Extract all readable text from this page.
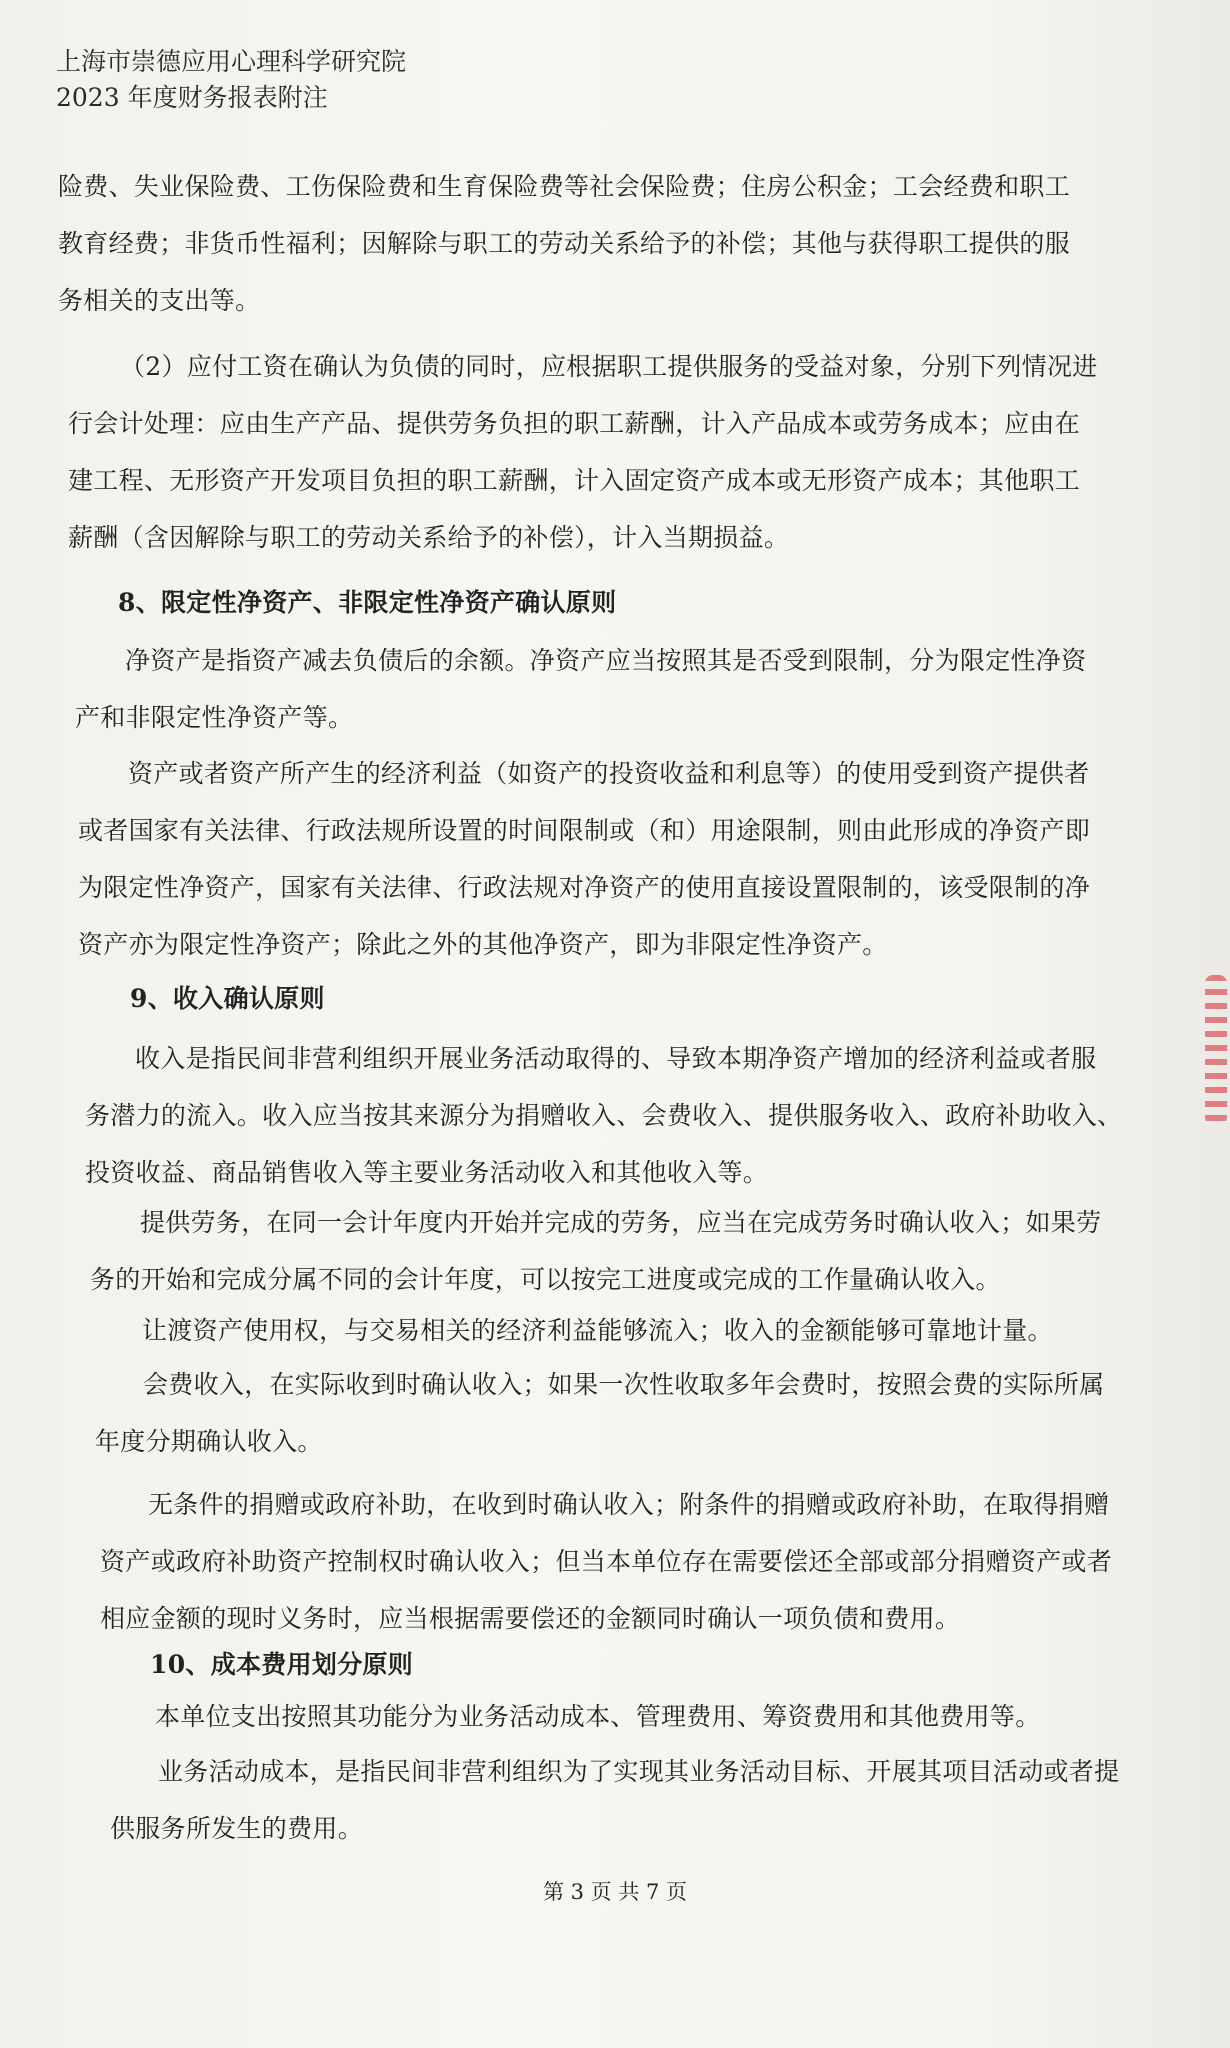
上海市崇德应用心理科学研究院
2023 年度财务报表附注
险费、失业保险费、工伤保险费和生育保险费等社会保险费；住房公积金；工会经费和职工
教育经费；非货币性福利；因解除与职工的劳动关系给予的补偿；其他与获得职工提供的服
务相关的支出等。
（2）应付工资在确认为负债的同时，应根据职工提供服务的受益对象，分别下列情况进
行会计处理：应由生产产品、提供劳务负担的职工薪酬，计入产品成本或劳务成本；应由在
建工程、无形资产开发项目负担的职工薪酬，计入固定资产成本或无形资产成本；其他职工
薪酬（含因解除与职工的劳动关系给予的补偿），计入当期损益。
8、限定性净资产、非限定性净资产确认原则
净资产是指资产减去负债后的余额。净资产应当按照其是否受到限制，分为限定性净资
产和非限定性净资产等。
资产或者资产所产生的经济利益（如资产的投资收益和利息等）的使用受到资产提供者
或者国家有关法律、行政法规所设置的时间限制或（和）用途限制，则由此形成的净资产即
为限定性净资产，国家有关法律、行政法规对净资产的使用直接设置限制的，该受限制的净
资产亦为限定性净资产；除此之外的其他净资产，即为非限定性净资产。
9、收入确认原则
收入是指民间非营利组织开展业务活动取得的、导致本期净资产增加的经济利益或者服
务潜力的流入。收入应当按其来源分为捐赠收入、会费收入、提供服务收入、政府补助收入、
投资收益、商品销售收入等主要业务活动收入和其他收入等。
提供劳务，在同一会计年度内开始并完成的劳务，应当在完成劳务时确认收入；如果劳
务的开始和完成分属不同的会计年度，可以按完工进度或完成的工作量确认收入。
让渡资产使用权，与交易相关的经济利益能够流入；收入的金额能够可靠地计量。
会费收入，在实际收到时确认收入；如果一次性收取多年会费时，按照会费的实际所属
年度分期确认收入。
无条件的捐赠或政府补助，在收到时确认收入；附条件的捐赠或政府补助，在取得捐赠
资产或政府补助资产控制权时确认收入；但当本单位存在需要偿还全部或部分捐赠资产或者
相应金额的现时义务时，应当根据需要偿还的金额同时确认一项负债和费用。
10、成本费用划分原则
本单位支出按照其功能分为业务活动成本、管理费用、筹资费用和其他费用等。
业务活动成本，是指民间非营利组织为了实现其业务活动目标、开展其项目活动或者提
供服务所发生的费用。
第 3 页 共 7 页
